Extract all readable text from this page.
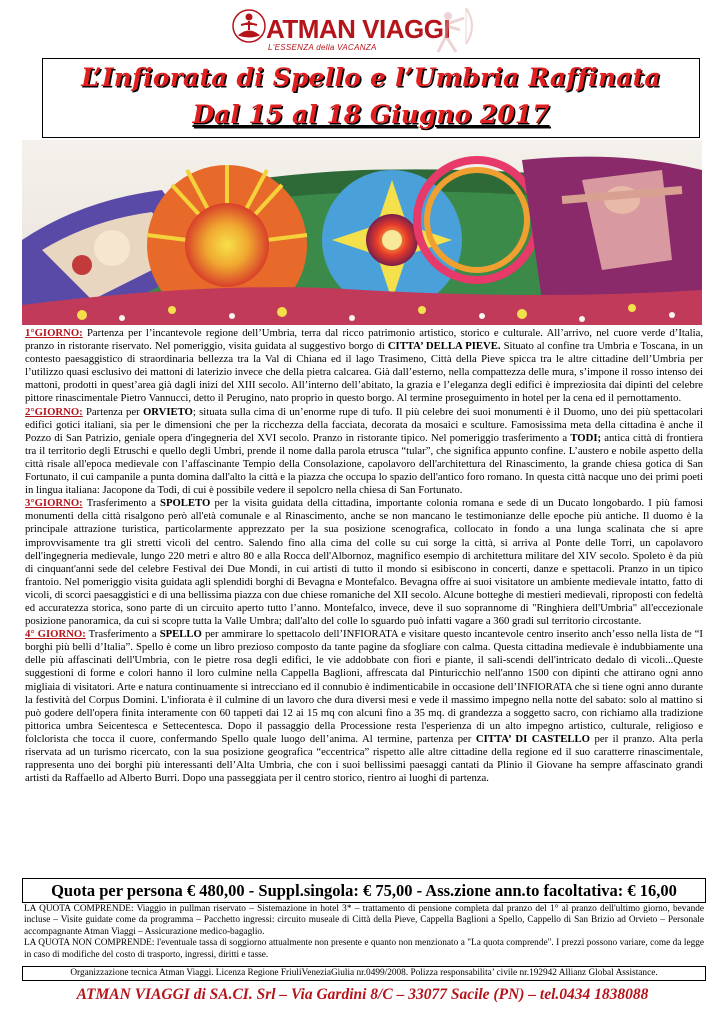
ATMAN VIAGGI
L'ESSENZA della VACANZA
L’Infiorata di Spello e l’Umbria Raffinata
Dal 15 al 18 Giugno 2017

1°GIORNO: Partenza per l’incantevole regione dell’Umbria, terra dal ricco patrimonio artistico, storico e culturale. All’arrivo, nel cuore verde d’Italia, pranzo in ristorante riservato. Nel pomeriggio, visita guidata al suggestivo borgo di CITTA’ DELLA PIEVE. Situato al confine tra Umbria e Toscana, in un contesto paesaggistico di straordinaria bellezza tra la Val di Chiana ed il lago Trasimeno, Città della Pieve spicca tra le altre cittadine dell’Umbria per l’utilizzo quasi esclusivo dei mattoni di laterizio invece che della pietra calcarea. Già dall’esterno, nella compattezza delle mura, s’impone il rosso intenso dei mattoni, prodotti in quest’area già dagli inizi del XIII secolo. All’interno dell’abitato, la grazia e l’eleganza degli edifici è impreziosita dai dipinti del celebre pittore rinascimentale Pietro Vannucci, detto il Perugino, nato proprio in questo borgo. Al termine proseguimento in hotel per la cena ed il pernottamento.

2°GIORNO: Partenza per ORVIETO; situata sulla cima di un’enorme rupe di tufo. Il più celebre dei suoi monumenti è il Duomo, uno dei più spettacolari edifici gotici italiani, sia per le dimensioni che per la ricchezza della facciata, decorata da mosaici e sculture. Famosissima meta della cittadina è anche il Pozzo di San Patrizio, geniale opera d'ingegneria del XVI secolo. Pranzo in ristorante tipico. Nel pomeriggio trasferimento a TODI; antica città di frontiera tra il territorio degli Etruschi e quello degli Umbri, prende il nome dalla parola etrusca “tular”, che significa appunto confine. L’austero e nobile aspetto della città risale all'epoca medievale con l’affascinante Tempio della Consolazione, capolavoro dell'architettura del Rinascimento, la grande chiesa gotica di San Fortunato, il cui campanile a punta domina dall'alto la città e la piazza che occupa lo spazio dell'antico foro romano. In questa città nacque uno dei primi poeti in lingua italiana: Jacopone da Todi, di cui è possibile vedere il sepolcro nella chiesa di San Fortunato.

3°GIORNO: Trasferimento a SPOLETO per la visita guidata della cittadina, importante colonia romana e sede di un Ducato longobardo. I più famosi monumenti della città risalgono però all'età comunale e al Rinascimento, anche se non mancano le testimonianze delle epoche più antiche. Il duomo è la principale attrazione turistica, particolarmente apprezzato per la sua posizione scenografica, collocato in fondo a una lunga scalinata che si apre improvvisamente tra gli stretti vicoli del centro. Salendo fino alla cima del colle su cui sorge la città, si arriva al Ponte delle Torri, un capolavoro dell'ingegneria medievale, lungo 220 metri e altro 80 e alla Rocca dell'Albornoz, magnifico esempio di architettura militare del XIV secolo. Spoleto è da più di cinquant'anni sede del celebre Festival dei Due Mondi, in cui artisti di tutto il mondo si esibiscono in concerti, danze e spettacoli. Pranzo in un tipico frantoio. Nel pomeriggio visita guidata agli splendidi borghi di Bevagna e Montefalco. Bevagna offre ai suoi visitatore un ambiente medievale intatto, fatto di vicoli, di scorci paesaggistici e di una bellissima piazza con due chiese romaniche del XII secolo. Alcune botteghe di mestieri medievali, riproposti con fedeltà ed accuratezza storica, sono parte di un circuito aperto tutto l’anno. Montefalco, invece, deve il suo soprannome di "Ringhiera dell'Umbria" all'eccezionale posizione panoramica, da cui si scopre tutta la Valle Umbra; dall'alto del colle lo sguardo può infatti vagare a 360 gradi sul territorio circostante.

4° GIORNO: Trasferimento a SPELLO per ammirare lo spettacolo dell’INFIORATA e visitare questo incantevole centro inserito anch’esso nella lista de “I borghi più belli d’Italia”. Spello è come un libro prezioso composto da tante pagine da sfogliare con calma. Questa cittadina medievale è indubbiamente una delle più affascinati dell'Umbria, con le pietre rosa degli edifici, le vie addobbate con fiori e piante, il sali-scendi dell'intricato dedalo di vicoli...Queste suggestioni di forme e colori hanno il loro culmine nella Cappella Baglioni, affrescata dal Pinturicchio nell'anno 1500 con dipinti che attirano ogni anno migliaia di visitatori. Arte e natura continuamente si intrecciano ed il connubio è indimenticabile in occasione dell’INFIORATA che si tiene ogni anno durante la festività del Corpus Domini. L'infiorata è il culmine di un lavoro che dura diversi mesi e vede il massimo impegno nella notte del sabato: solo al mattino si può godere dell'opera finita interamente con 60 tappeti dai 12 ai 15 mq con alcuni fino a 35 mq. di grandezza a soggetto sacro, con richiamo alla tradizione pittorica umbra Seicentesca e Settecentesca. Dopo il passaggio della Processione resta l'esperienza di un alto impegno artistico, culturale, religioso e folclorista che tocca il cuore, confermando Spello quale luogo dell’anima. Al termine, partenza per CITTA’ DI CASTELLO per il pranzo. Alta perla riservata ad un turismo ricercato, con la sua posizione geografica “eccentrica” rispetto alle altre cittadine della regione ed il suo caratterre rinascimentale, rappresenta uno dei borghi più interessanti dell’Alta Umbria, che con i suoi bellissimi paesaggi cantati da Plinio il Giovane ha sempre affascinato grandi artisti da Raffaello ad Alberto Burri. Dopo una passeggiata per il centro storico, rientro ai luoghi di partenza.

Quota per persona € 480,00 - Suppl.singola: € 75,00 - Ass.zione ann.to facoltativa: € 16,00

LA QUOTA COMPRENDE: Viaggio in pullman riservato – Sistemazione in hotel 3* – trattamento di pensione completa dal pranzo del 1° al pranzo dell'ultimo giorno, bevande incluse – Visite guidate come da programma – Pacchetto ingressi: circuito museale di Città della Pieve, Cappella Baglioni a Spello, Cappello di San Brizio ad Orvieto – Personale accompagnante Atman Viaggi – Assicurazione medico-bagaglio.

LA QUOTA NON COMPRENDE: l'eventuale tassa di soggiorno attualmente non presente e quanto non menzionato a "La quota comprende". I prezzi possono variare, come da legge in caso di modifiche del costo di trasporto, ingressi, diritti e tasse.

Organizzazione tecnica Atman Viaggi. Licenza Regione FriuliVeneziaGiulia nr.0499/2008. Polizza responsabilita’ civile nr.192942 Allianz Global Assistance.
ATMAN VIAGGI di SA.CI. Srl – Via Gardini 8/C – 33077 Sacile (PN) – tel.0434 1838088
